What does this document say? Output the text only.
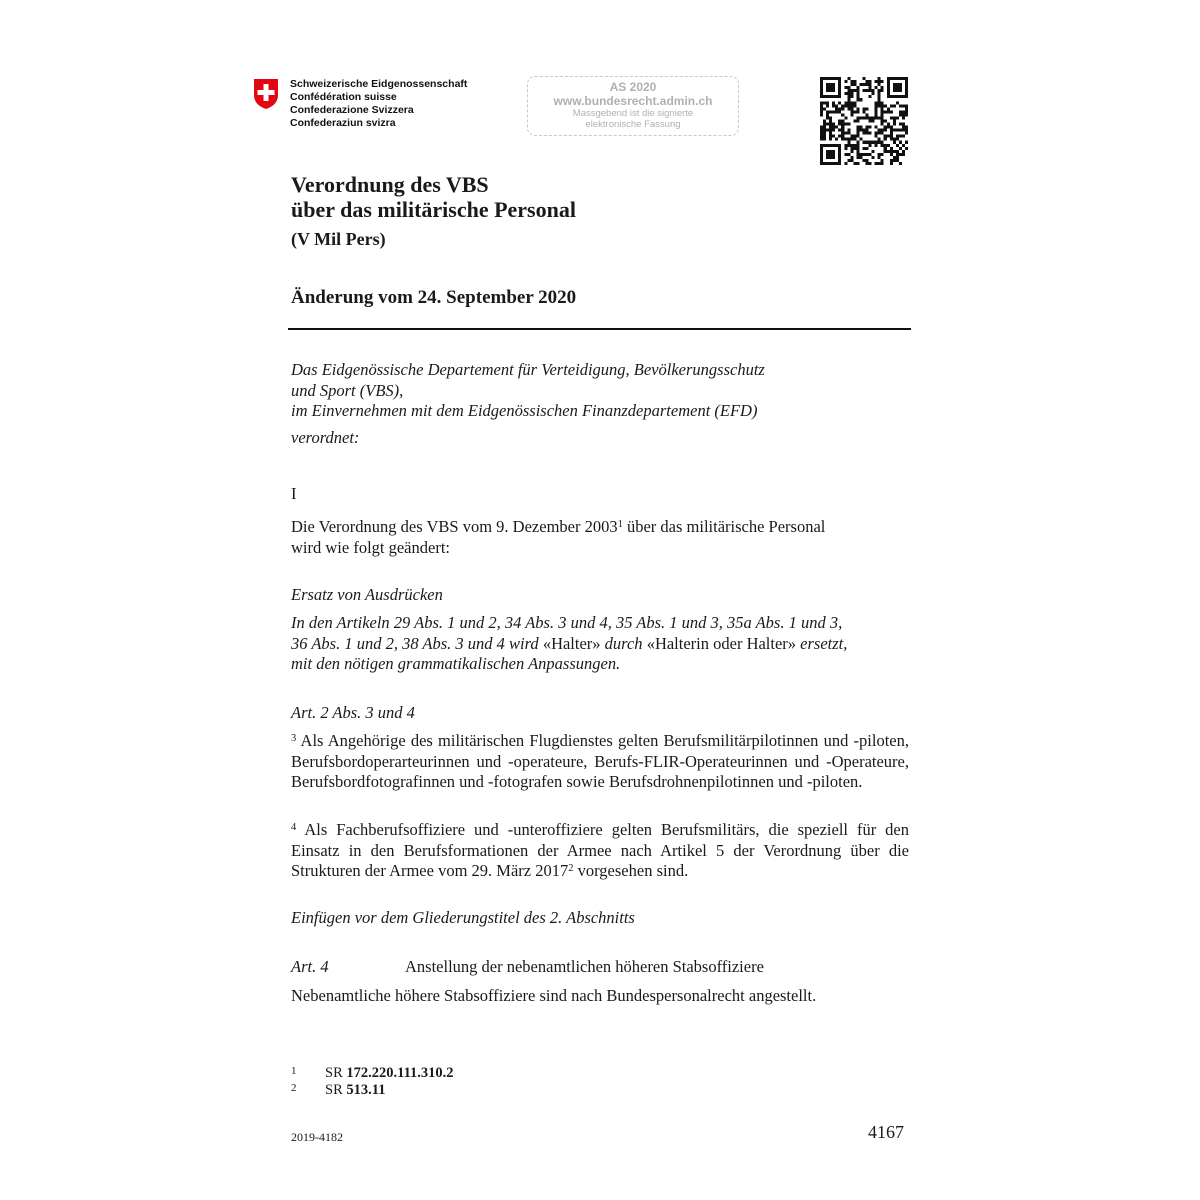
Schweizerische Eidgenossenschaft
Confédération suisse
Confederazione Svizzera
Confederaziun svizra
AS 2020
www.bundesrecht.admin.ch
Massgebend ist die signierte
elektronische Fassung
Verordnung des VBS
über das militärische Personal
(V Mil Pers)
Änderung vom 24. September 2020
Das Eidgenössische Departement für Verteidigung, Bevölkerungsschutz
und Sport (VBS),
im Einvernehmen mit dem Eidgenössischen Finanzdepartement (EFD)
verordnet:
I
Die Verordnung des VBS vom 9. Dezember 2003$^1$ über das militärische Personal
wird wie folgt geändert:
Ersatz von Ausdrücken
In den Artikeln 29 Abs. 1 und 2, 34 Abs. 3 und 4, 35 Abs. 1 und 3, 35a Abs. 1 und 3,
36 Abs. 1 und 2, 38 Abs. 3 und 4 wird «Halter» durch «Halterin oder Halter» ersetzt,
mit den nötigen grammatikalischen Anpassungen.
Art. 2 Abs. 3 und 4
$^3$ Als Angehörige des militärischen Flugdienstes gelten Berufsmilitärpilotinnen und -piloten, Berufsbordoperarteurinnen und -operateure, Berufs-FLIR-Operateurinnen und -Operateure, Berufsbordfotografinnen und -fotografen sowie Berufsdrohnenpilotinnen und -piloten.
$^4$ Als Fachberufsoffiziere und -unteroffiziere gelten Berufsmilitärs, die speziell für den Einsatz in den Berufsformationen der Armee nach Artikel 5 der Verordnung über die Strukturen der Armee vom 29. März 2017$^2$ vorgesehen sind.
Einfügen vor dem Gliederungstitel des 2. Abschnitts
Art. 4	Anstellung der nebenamtlichen höheren Stabsoffiziere
Nebenamtliche höhere Stabsoffiziere sind nach Bundespersonalrecht angestellt.
1 SR 172.220.111.310.2
2 SR 513.11
2019-4182	4167
